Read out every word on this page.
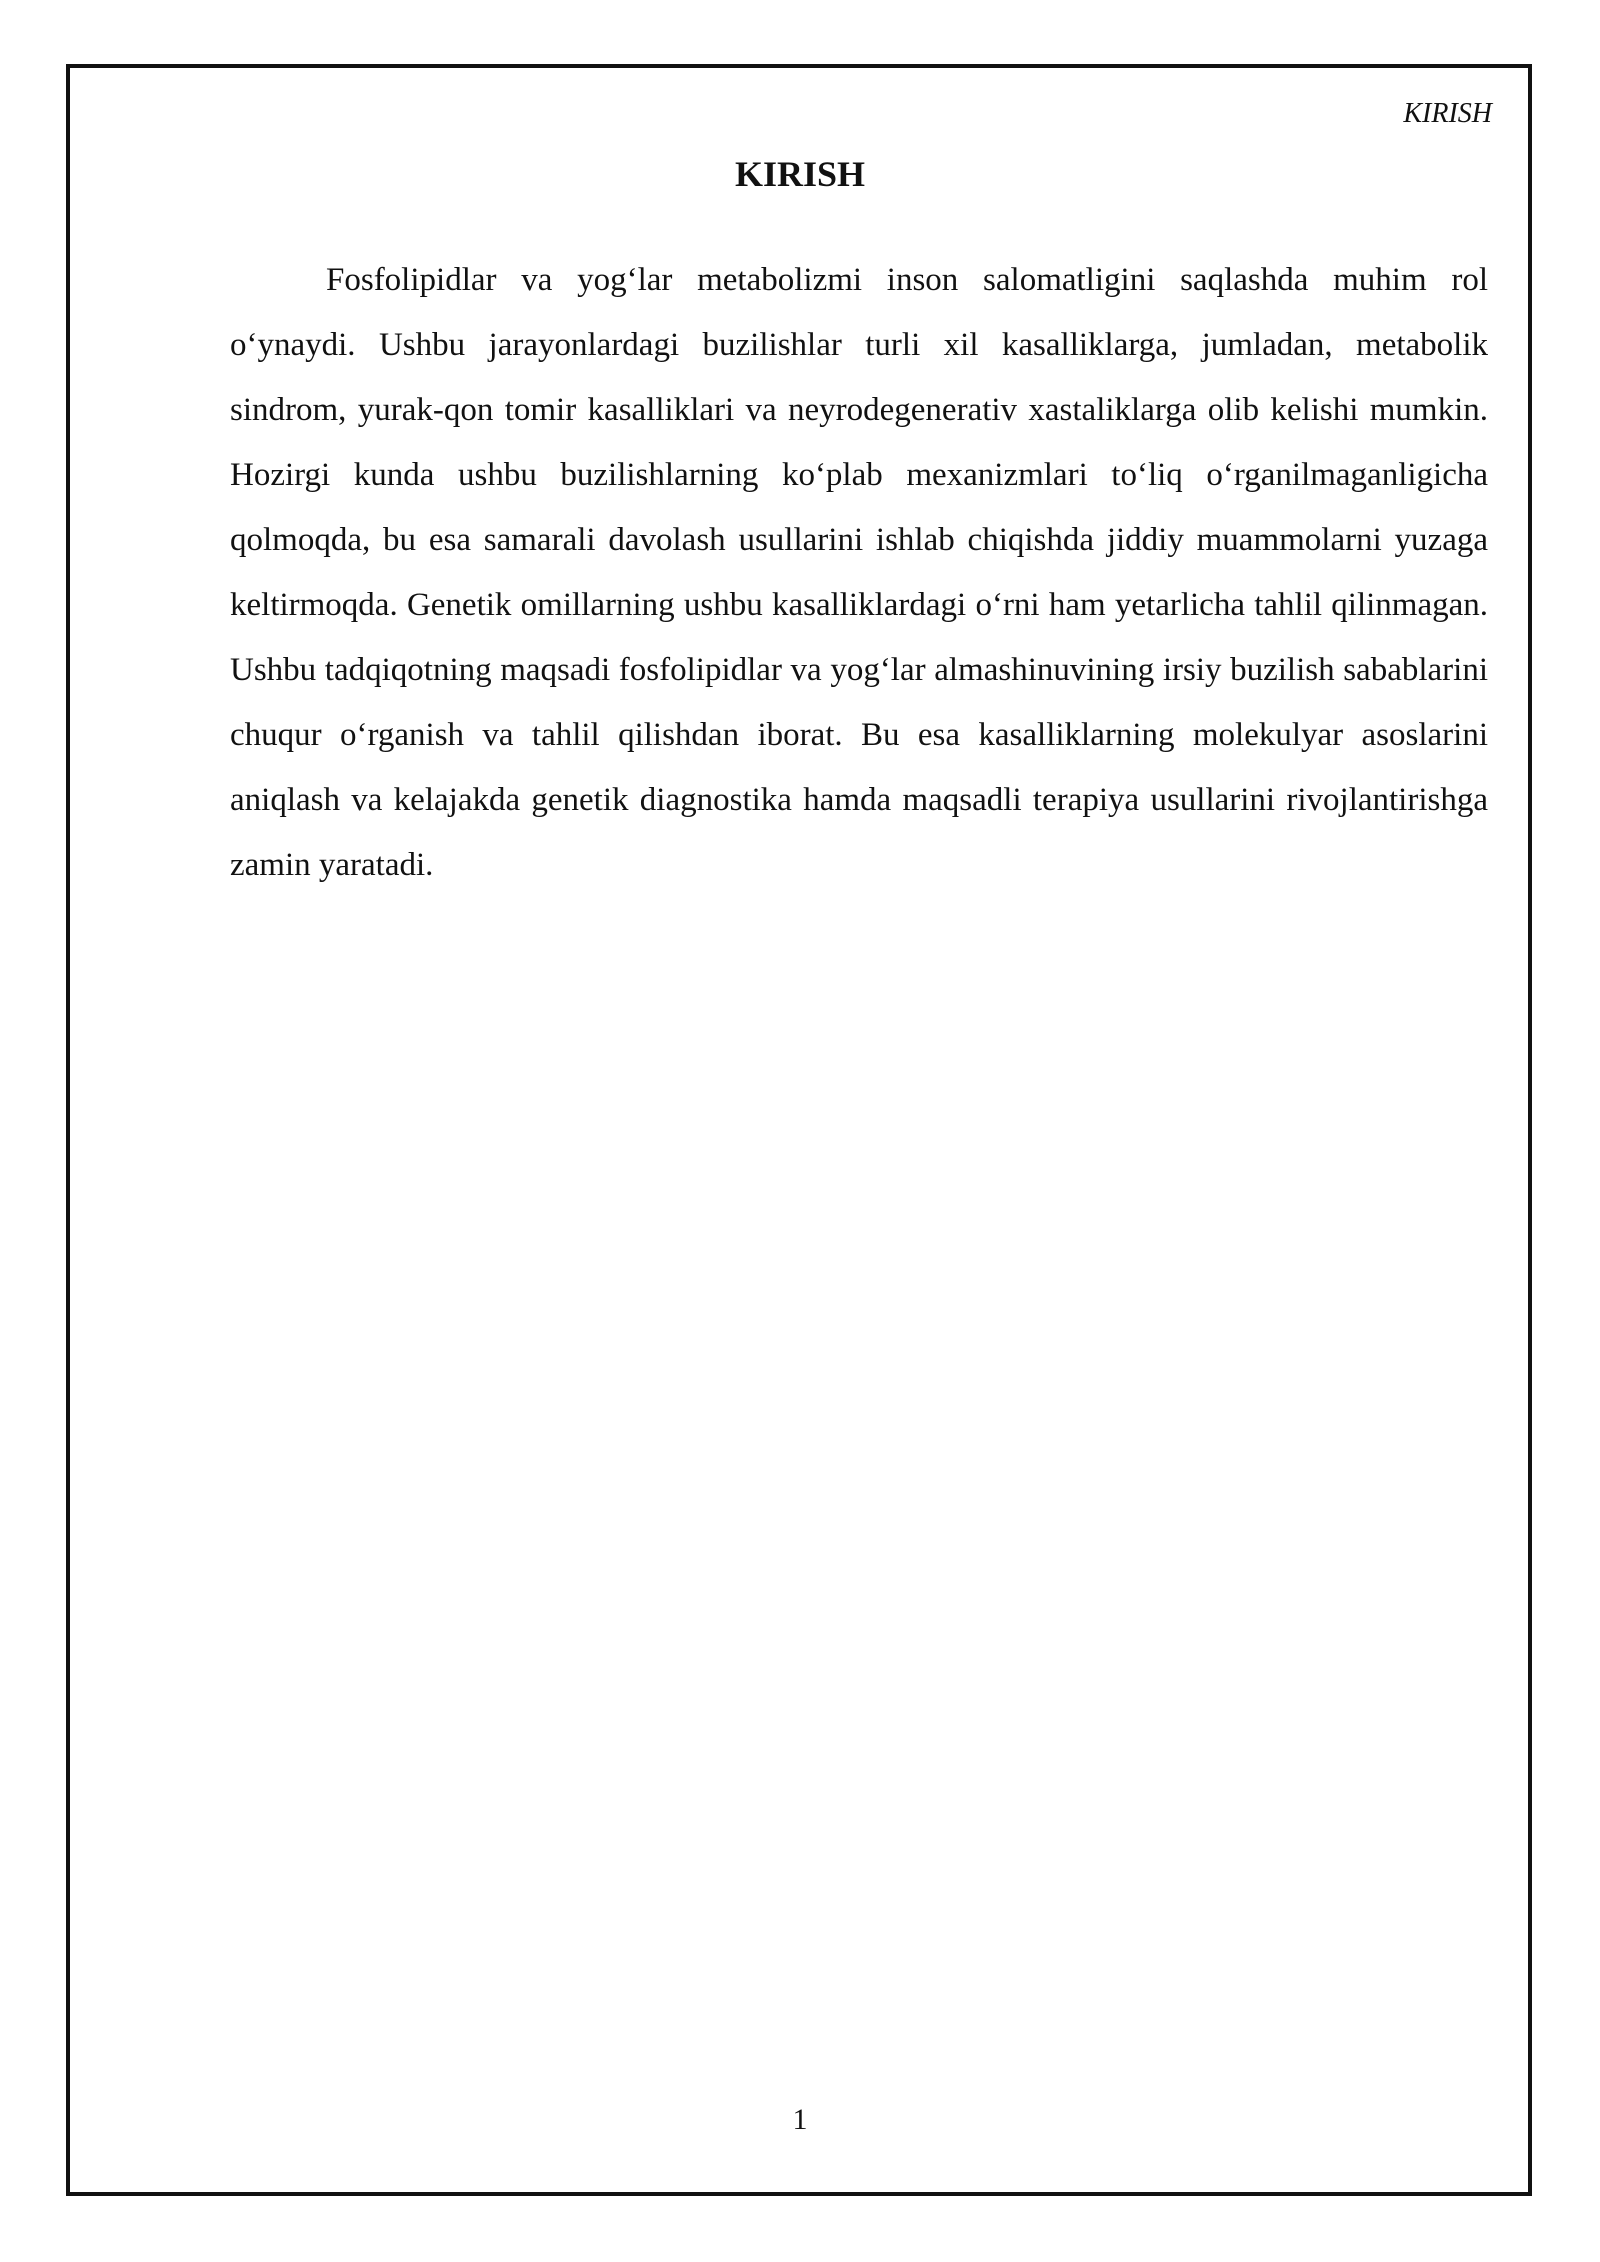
KIRISH
KIRISH

Fosfolipidlar va yog‘lar metabolizmi inson salomatligini saqlashda muhim rol o‘ynaydi. Ushbu jarayonlardagi buzilishlar turli xil kasalliklarga, jumladan, metabolik sindrom, yurak-qon tomir kasalliklari va neyrodegenerativ xastaliklarga olib kelishi mumkin. Hozirgi kunda ushbu buzilishlarning ko‘plab mexanizmlari to‘liq o‘rganilmaganligicha qolmoqda, bu esa samarali davolash usullarini ishlab chiqishda jiddiy muammolarni yuzaga keltirmoqda. Genetik omillarning ushbu kasalliklardagi o‘rni ham yetarlicha tahlil qilinmagan. Ushbu tadqiqotning maqsadi fosfolipidlar va yog‘lar almashinuvining irsiy buzilish sabablarini chuqur o‘rganish va tahlil qilishdan iborat. Bu esa kasalliklarning molekulyar asoslarini aniqlash va kelajakda genetik diagnostika hamda maqsadli terapiya usullarini rivojlantirishga zamin yaratadi.

1
